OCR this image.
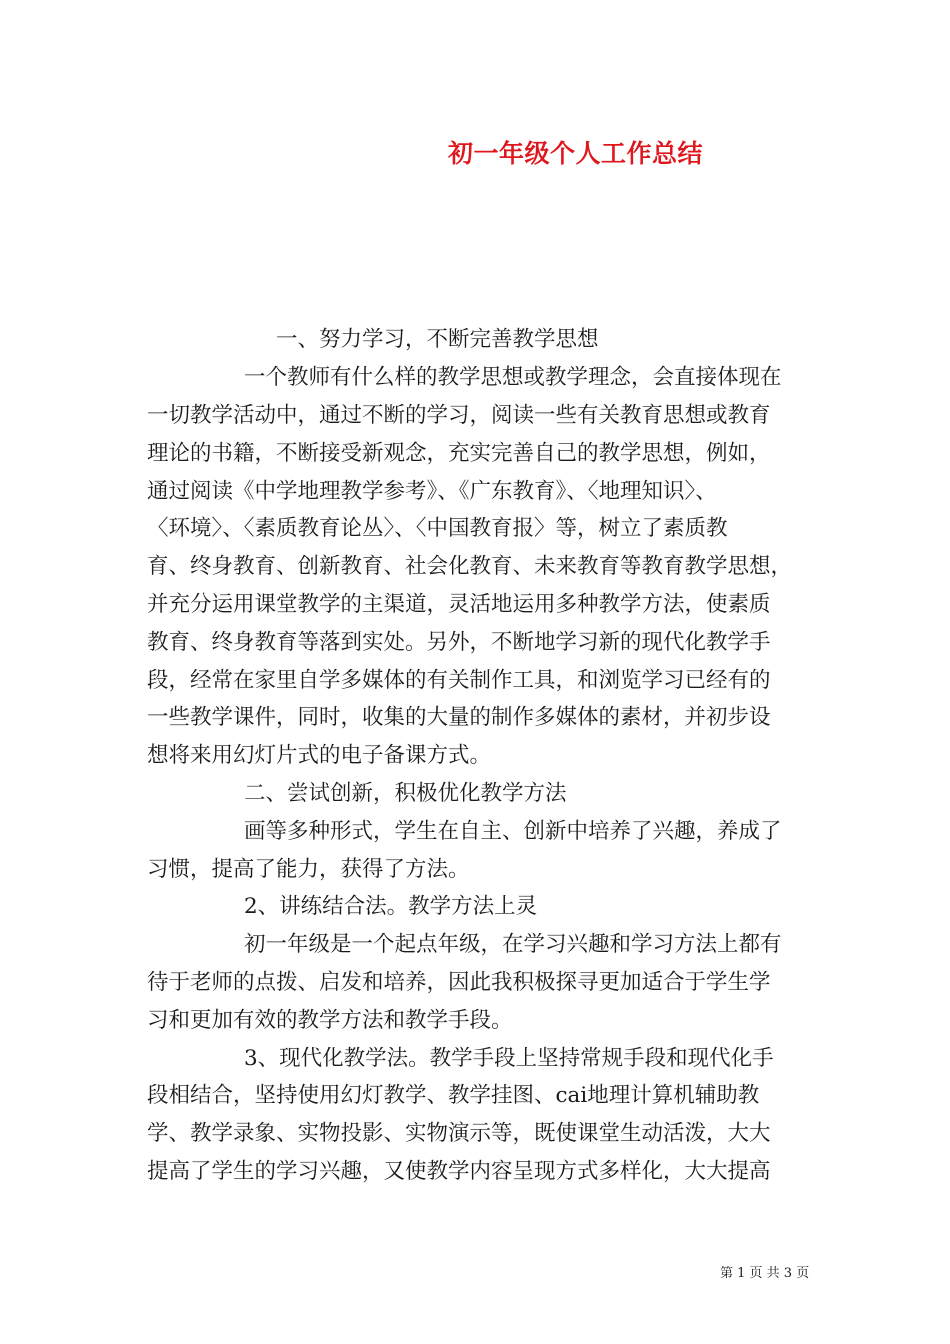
初一年级个人工作总结
一、努力学习，不断完善教学思想
一个教师有什么样的教学思想或教学理念，会直接体现在
一切教学活动中，通过不断的学习，阅读一些有关教育思想或教育
理论的书籍，不断接受新观念，充实完善自己的教学思想，例如，
通过阅读《中学地理教学参考》、《广东教育》、〈地理知识〉、
〈环境〉、〈素质教育论丛〉、〈中国教育报〉等，树立了素质教
育、终身教育、创新教育、社会化教育、未来教育等教育教学思想，
并充分运用课堂教学的主渠道，灵活地运用多种教学方法，使素质
教育、终身教育等落到实处。另外，不断地学习新的现代化教学手
段，经常在家里自学多媒体的有关制作工具，和浏览学习已经有的
一些教学课件，同时，收集的大量的制作多媒体的素材，并初步设
想将来用幻灯片式的电子备课方式。
二、尝试创新，积极优化教学方法
画等多种形式，学生在自主、创新中培养了兴趣，养成了
习惯，提高了能力，获得了方法。
2、讲练结合法。教学方法上灵
初一年级是一个起点年级，在学习兴趣和学习方法上都有
待于老师的点拨、启发和培养，因此我积极探寻更加适合于学生学
习和更加有效的教学方法和教学手段。
3、现代化教学法。教学手段上坚持常规手段和现代化手
段相结合，坚持使用幻灯教学、教学挂图、cai地理计算机辅助教
学、教学录象、实物投影、实物演示等，既使课堂生动活泼，大大
提高了学生的学习兴趣，又使教学内容呈现方式多样化，大大提高
第 1 页 共 3 页
